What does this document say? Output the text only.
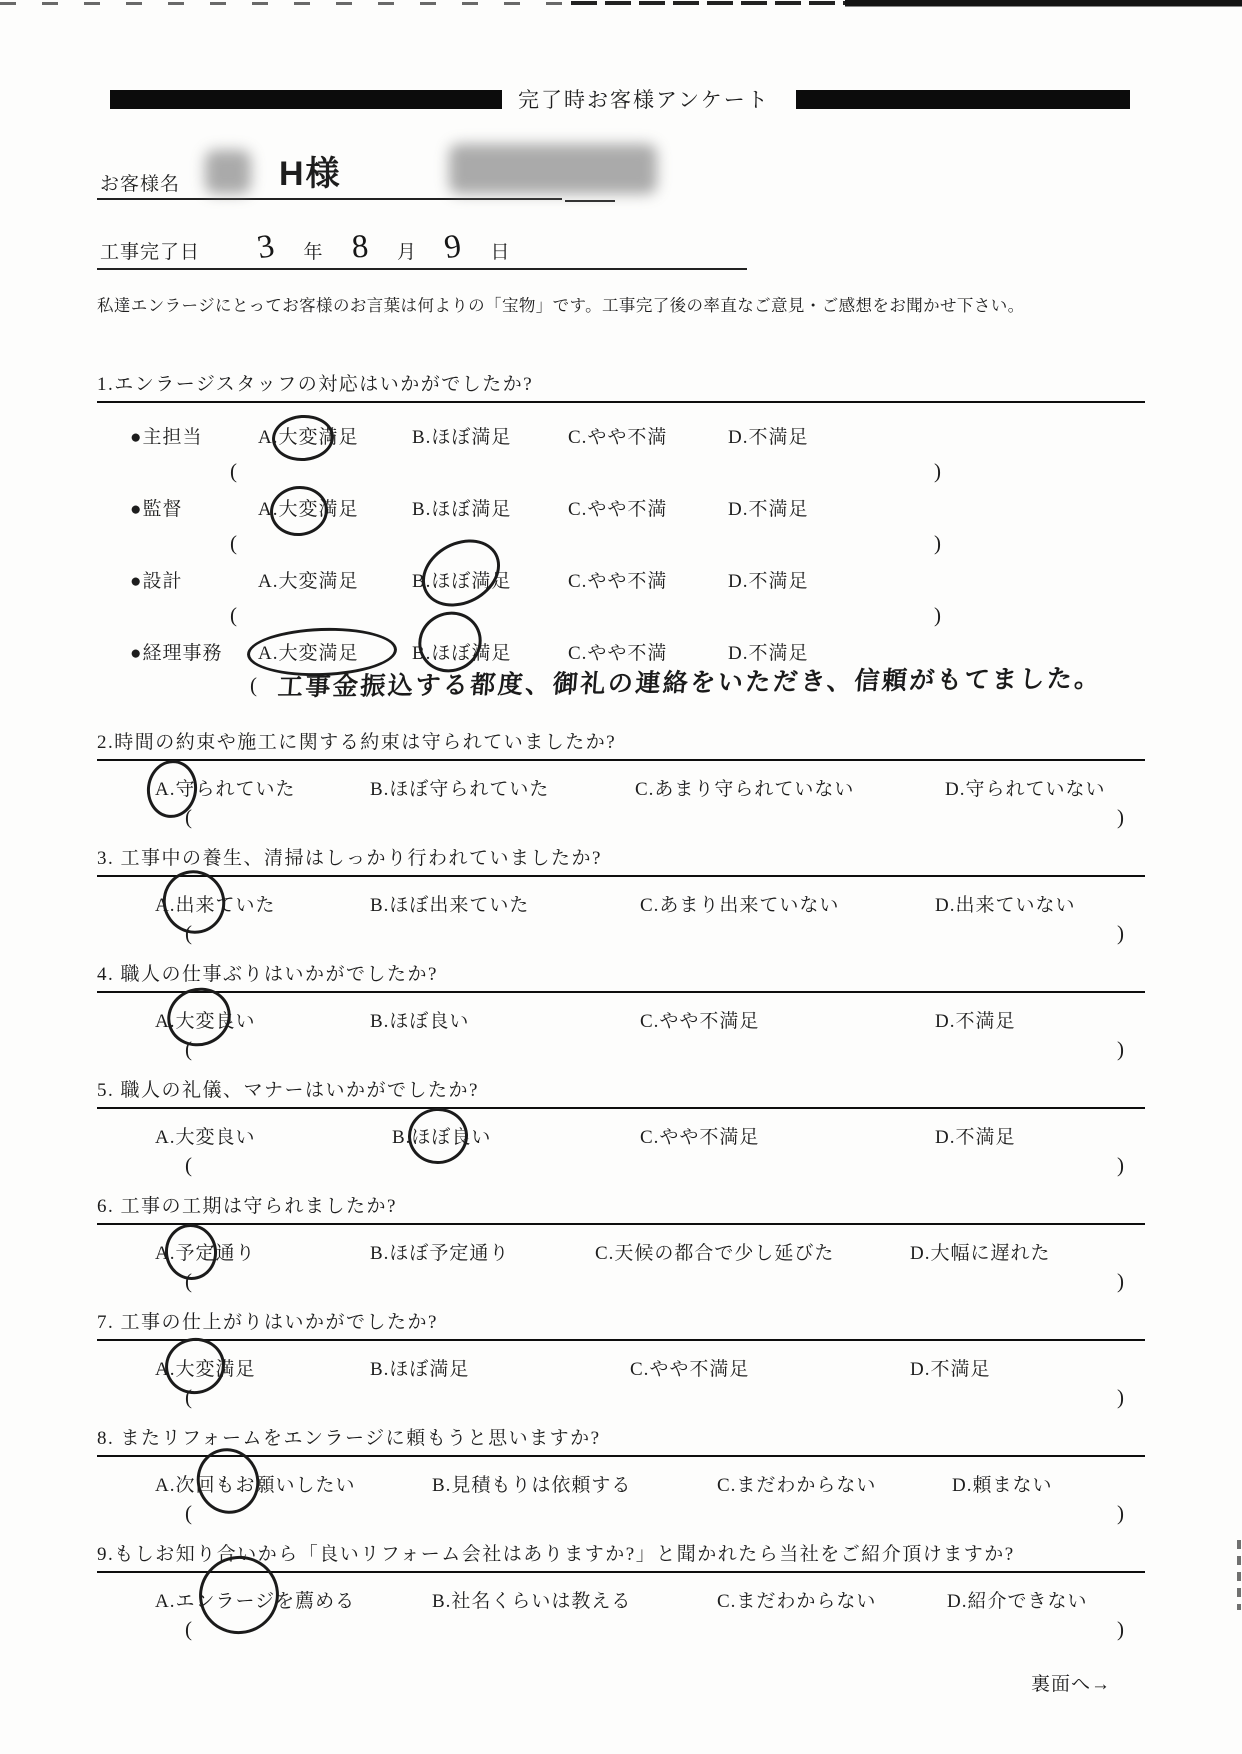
完了時お客様アンケート
H様
お客様名
工事完了日	3	年 8	月 9	日
私達エンラージにとってお客様のお言葉は何よりの「宝物」です。工事完了後の率直なご意見・ご感想をお聞かせ下さい。
1.エンラージスタッフの対応はいかがでしたか?
●主担当	A.大変満足	B.ほぼ満足	C.やや不満	D.不満足
(	)
●監督	A.大変満足	B.ほぼ満足	C.やや不満	D.不満足
(	)
●設計	A.大変満足	B.ほぼ満足	C.やや不満	D.不満足
(	)
●経理事務	A.大変満足	B.ほぼ満足	C.やや不満	D.不満足
( 工事金振込する都度、御礼の連絡をいただき、信頼がもてました。
2.時間の約束や施工に関する約束は守られていましたか?
A.守られていた	B.ほぼ守られていた	C.あまり守られていない	D.守られていない
(	)
3. 工事中の養生、清掃はしっかり行われていましたか?
A.出来ていた	B.ほぼ出来ていた	C.あまり出来ていない	D.出来ていない
(	)
4. 職人の仕事ぶりはいかがでしたか?
A.大変良い	B.ほぼ良い	C.やや不満足	D.不満足
(	)
5. 職人の礼儀、マナーはいかがでしたか?
A.大変良い	B.ほぼ良い	C.やや不満足	D.不満足
(	)
6. 工事の工期は守られましたか?
A.予定通り	B.ほぼ予定通り	C.天候の都合で少し延びた	D.大幅に遅れた
(	)
7. 工事の仕上がりはいかがでしたか?
A.大変満足	B.ほぼ満足	C.やや不満足	D.不満足
(	)
8. またリフォームをエンラージに頼もうと思いますか?
A.次回もお願いしたい	B.見積もりは依頼する	C.まだわからない	D.頼まない
(	)
9.もしお知り合いから「良いリフォーム会社はありますか?」と聞かれたら当社をご紹介頂けますか?
A.エンラージを薦める	B.社名くらいは教える	C.まだわからない	D.紹介できない
(	)
裏面へ→
